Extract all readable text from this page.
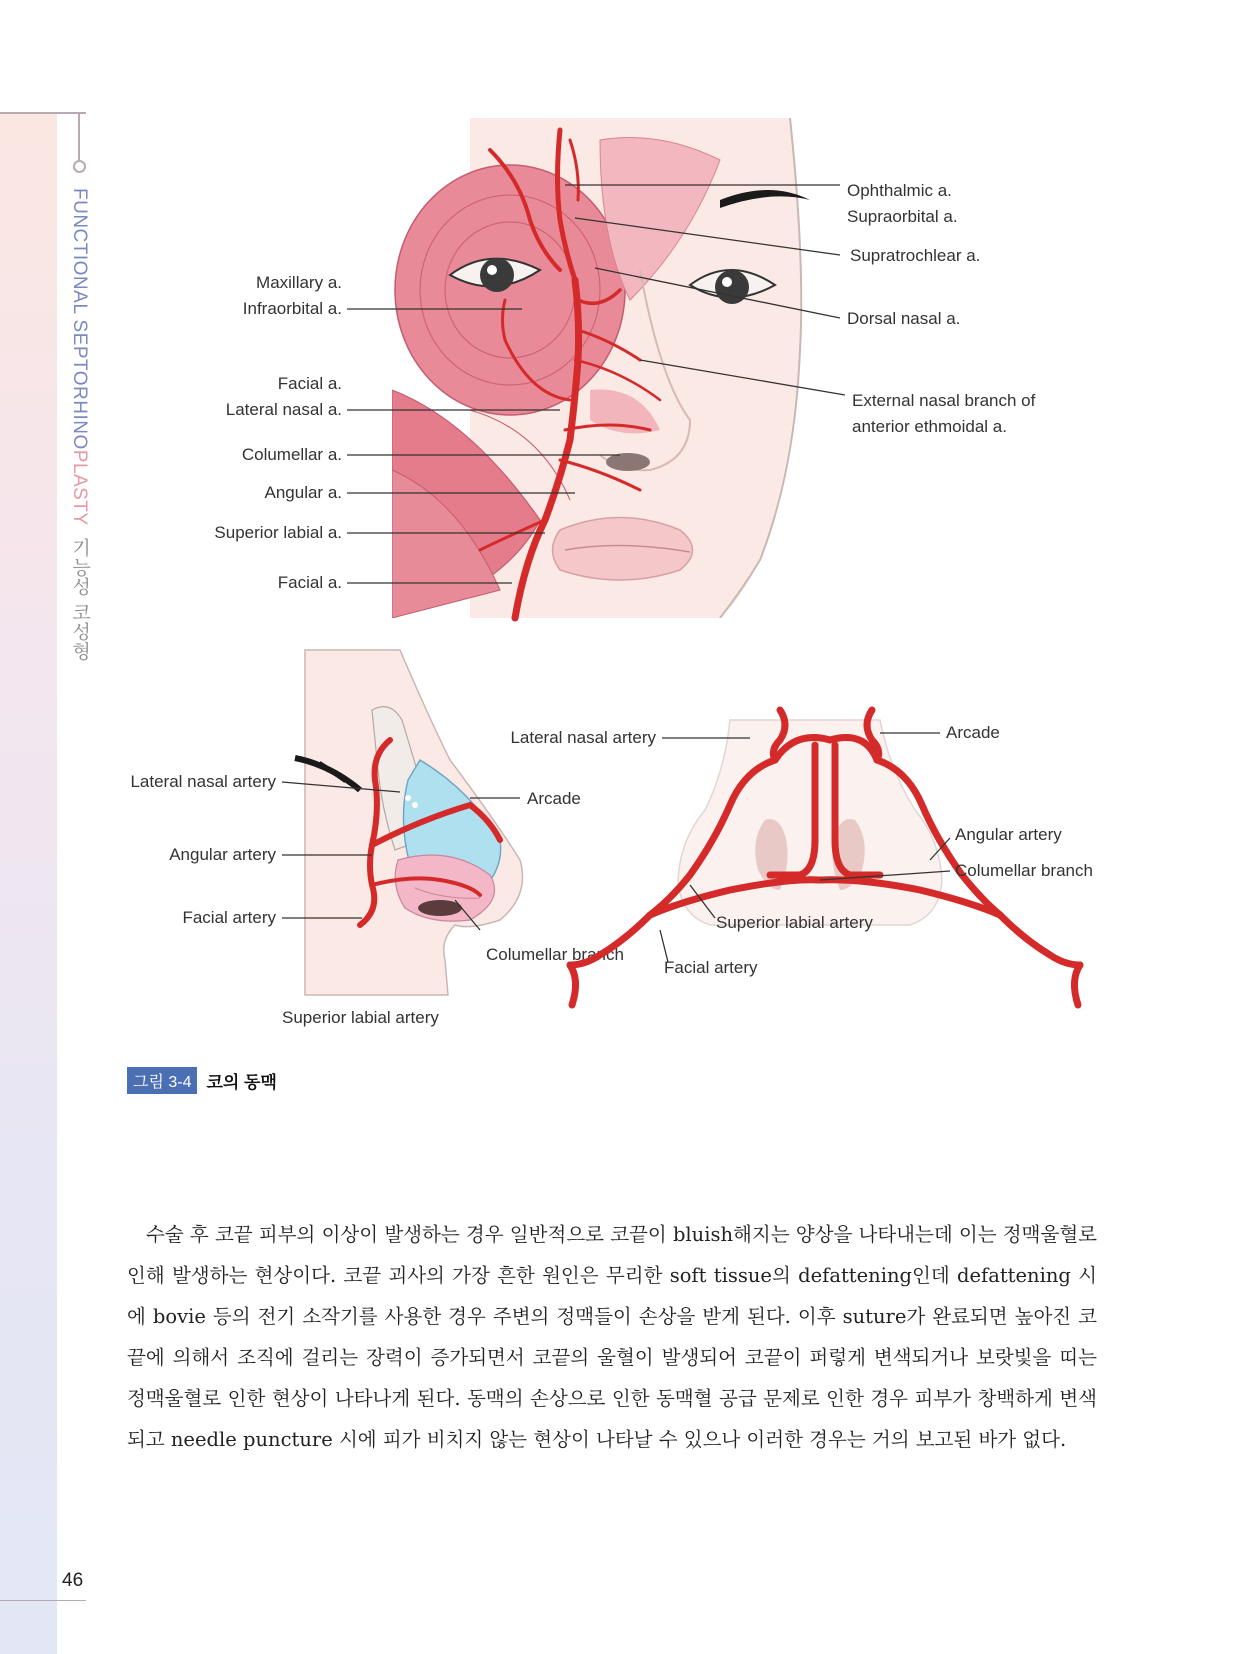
FUNCTIONAL SEPTORHINOPLASTY기능성 코성형
46
Maxillary a.
Infraorbital a.
Facial a.
Lateral nasal a.
Columellar a.
Angular a.
Superior labial a.
Facial a.
Ophthalmic a.
Supraorbital a.
Supratrochlear a.
Dorsal nasal a.
External nasal branch of
anterior ethmoidal a.
Lateral nasal artery
Angular artery
Facial artery
Superior labial artery
Arcade
Columellar branch
Lateral nasal artery	Arcade
Angular artery
Columellar branch
Superior labial artery
Facial artery
그림 3-4 코의 동맥

수술 후 코끝 피부의 이상이 발생하는 경우 일반적으로 코끝이 bluish해지는 양상을 나타내는데 이는 정맥울혈로 인해 발생하는 현상이다. 코끝 괴사의 가장 흔한 원인은 무리한 soft tissue의 defattening인데 defattening 시에 bovie 등의 전기 소작기를 사용한 경우 주변의 정맥들이 손상을 받게 된다. 이후 suture가 완료되면 높아진 코끝에 의해서 조직에 걸리는 장력이 증가되면서 코끝의 울혈이 발생되어 코끝이 퍼렇게 변색되거나 보랏빛을 띠는 정맥울혈로 인한 현상이 나타나게 된다. 동맥의 손상으로 인한 동맥혈 공급 문제로 인한 경우 피부가 창백하게 변색되고 needle puncture 시에 피가 비치지 않는 현상이 나타날 수 있으나 이러한 경우는 거의 보고된 바가 없다.
